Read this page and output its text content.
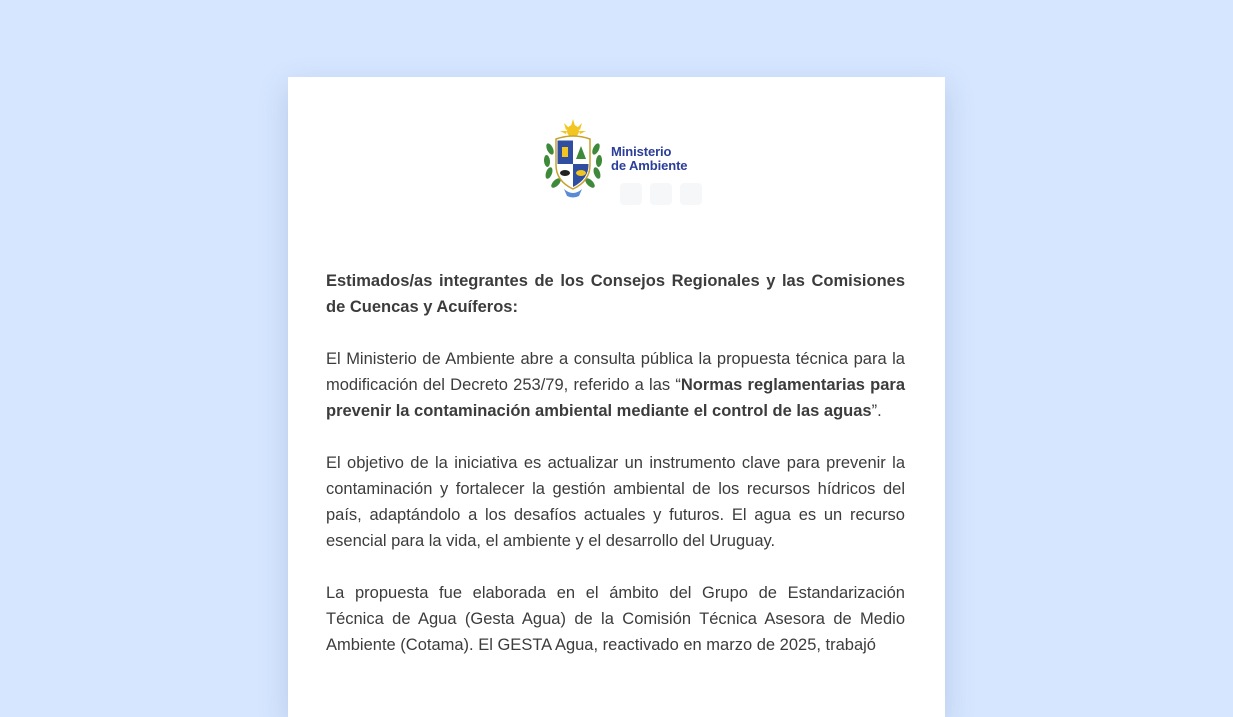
Ministerio
de Ambiente

Estimados/as integrantes de los Consejos Regionales y las Comisiones de Cuencas y Acuíferos:

El Ministerio de Ambiente abre a consulta pública la propuesta técnica para la modificación del Decreto 253/79, referido a las “Normas reglamentarias para prevenir la contaminación ambiental mediante el control de las aguas”.

El objetivo de la iniciativa es actualizar un instrumento clave para prevenir la contaminación y fortalecer la gestión ambiental de los recursos hídricos del país, adaptándolo a los desafíos actuales y futuros. El agua es un recurso esencial para la vida, el ambiente y el desarrollo del Uruguay.

La propuesta fue elaborada en el ámbito del Grupo de Estandarización Técnica de Agua (Gesta Agua) de la Comisión Técnica Asesora de Medio Ambiente (Cotama). El GESTA Agua, reactivado en marzo de 2025, trabajó
